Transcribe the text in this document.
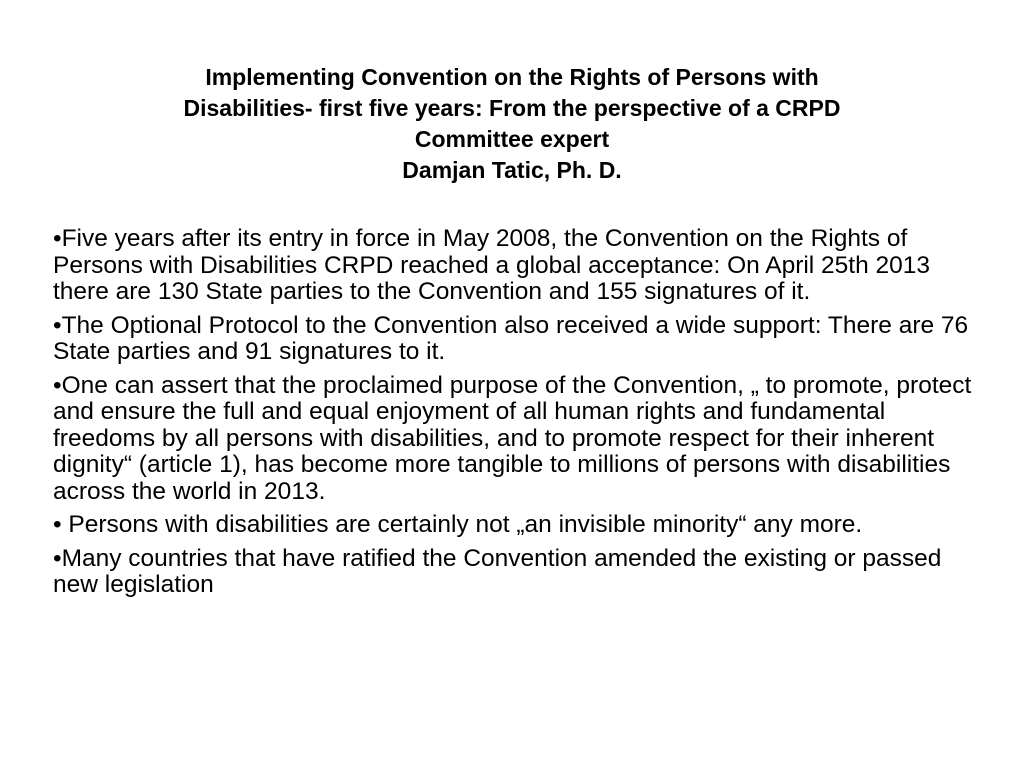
Implementing Convention on the Rights of Persons with
Disabilities- first five years: From the perspective of a CRPD
Committee expert
Damjan Tatic, Ph. D.
•Five years after its entry in force in May 2008, the Convention on the Rights of Persons with Disabilities CRPD reached a global acceptance: On April 25th 2013 there are 130 State parties to the Convention and 155 signatures of it.
•The Optional Protocol to the Convention also received a wide support: There are 76 State parties and 91 signatures to it.
•One can assert that the proclaimed purpose of the Convention, „ to promote, protect and ensure the full and equal enjoyment of all human rights and fundamental freedoms by all persons with disabilities, and to promote respect for their inherent dignity“ (article 1), has become more tangible to millions of persons with disabilities across the world in 2013.
• Persons with disabilities are certainly not „an invisible minority“ any more.
•Many countries that have ratified the Convention amended the existing or passed new legislation
